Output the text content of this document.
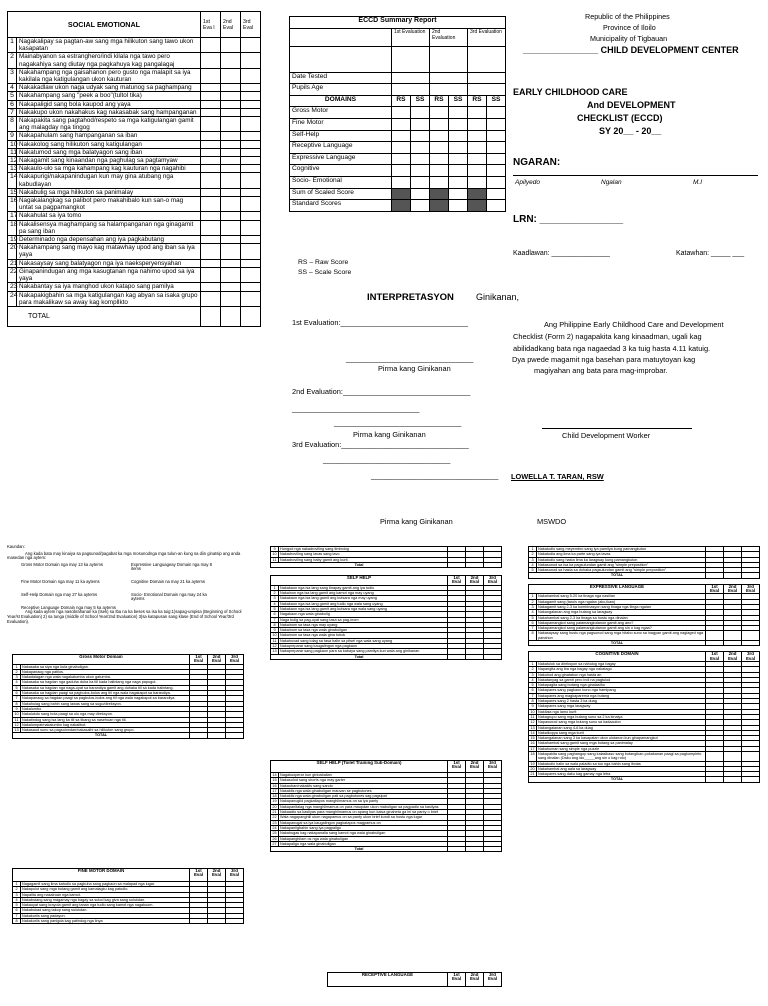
SOCIAL EMOTIONAL		1st Eva l	2nd Eval	3rd Eval
1	Nagakalipay sa pagtan-aw sang mga hilikuton sang tawo ukon kasapatan			
2	Mainabyanon sa estranghero/indi kilala nga tawo pero nagakahiya sang diutay nga pagkahuya kag pangalagaj			
3	Nakahampang nga gaisahanon pero gusto nga malapit sa iya kakilala nga katigulangan ukon kauturan			
4	Nakakadlaw ukon naga udyak sang matunog sa paghampang			
5	Nakahampang sang "peek a boo"(tultol tika)			
6	Nakapaligid sang bola kaupod ang yaya			
7	Nakakupo ukon nakahakus kag nakasabak sang hampanganan			
8	Nakapakita sang pagtahod/respeto sa mga katigulangan gamit ang malagday nga tingog			
9	Nakapahulam sang hampanganan sa iban			
10	Nakakolog sang hilikuton sang katigulangan			
11	Nakatumod sang mga balatyagon sang iban			
12	Nakagamit sang kinaandan nga paghulag sa pagtamyaw			
13	Nakaulo-ulo sa mga kahampang kag kauturan nga nagahibi			
14	Nakapurigi/nakapanindugan kun may gina atubang nga kabudlayan			
15	Nakabulig sa mga hilikuton sa panimalay			
16	Nagakalangkag sa palibot pero makahibalo kun san-o mag untat sa pagpamangkot			
17	Nakahulat sa iya tomo			
18	Nakalisensya maghampang sa halampanganan nga ginagamit pa sang iban			
19	Determinado nga depensahan ang iya pagkabutang			
20	Nakahampang sang mayo kag matawhay upod ang iban sa iya yaya			
21	Nakasaysay sang balatyagon nga iya naeksperyensyahan			
22	Ginapanindugan ang mga kasugtanan nga nahimo upod sa iya yaya			
23	Nakabantay sa iya manghod ukon katapo sang pamilya			
24	Nakapakigbahin sa mga katigulangan kag abyan sa isaka grupo para makalikaw sa away kag kompllkto			
TOTAL				
ECCD Summary Report						
	1st Evaluation		2nd Evaluation		3rd Evaluation	

Date Tested						
Pupils Age						
DOMAINS	RS	SS	RS	SS	RS	SS
Gross Motor						
Fine Motor						
Self-Help						
Receptive Language						
Expressive Language						
Cognitive						
Socio- Emotional						
Sum of Scaled Score						
Standard Scores						
RS – Raw Score
SS – Scale Score
Republic of the Philippines
Province of Iloilo
Municipality of Tigbauan
_______________ CHILD DEVELOPMENT CENTER
EARLY CHILDHOOD CARE
And DEVELOPMENT
CHECKLIST (ECCD)
SY 20__ - 20__
NGARAN:
Apilyedo	Ngalan	M.I
LRN: _______________
Kaadlawan: _______________	Katawhan: _____ ___
INTERPRETASYON Ginikanan,
1st Evaluation:_______________________________
_______________________________
Pirma kang Ginikanan
2nd Evaluation:_______________________________
_______________________________
_______________________________
Pirma kang Ginikanan
3rd Evaluation:_______________________________
_______________________________
_______________________________
Ang Philippine Early Childhood Care and Development
Checklist (Form 2) nagapakita kang kinaadman, ugali kag
abilidadkang bata nga nagaedad 3 ka tuig hasta 4.11 katuig.
Dya pwede magamit nga basehan para matuytoyan kag
magiyahan ang bata para mag-improbar.
Child Development Worker
LOWELLA T. TARAN, RSW
Pirma kang Ginikanan	MSWDO
Kaundan:
Ang kada bata may kinaiya sa pagsunod/pagabat ka mga mosunodnga mga tulun-an kung sa diin ginatsip ang anda masedan nga aytem:
Gross Motor Domain nga may 13 ka aytems	Expressive Languageay Domain nga may 8 items
Fine Motor Domain nga may 11 ka aytems	Cognitive Domain na may 21 ka aytems
Self-Help Domain nga may 27 ka aytems	Socio- Emotional Domain nga may 24 ka aytems
Receptive Language Domain nga may 5 ka aytems
Ang kada aytem nga nasobrahanan ka (tsek) sa Iba na ka beses sa isa ka tuig:1)sapag-umpisa (Beginning of School Year/st Evaluation) 2) sa tunga (middle of School Year/2nd Evaluation) 3)sa katapusan sang klase (End of School Year/3rd Evaluation).
Gross Motor Domain		1st Eval	2nd Eval	3rd Eval
1	Nakasaka sa siya nga kuta ginabuligan.			
2	Nakapanaog nga patilos.			
3	Nakadalagan nga wala nagakatumba ukon gatumba.			
4	Nakasaka sa hagdan nga gaduha duha ka tiil kada halintang nga naga papugut.			
5	Nakasaka sa hagdan nga naga-uyat sa barandiya gamit ang duhaka tiil sa kada halintang.			
6	Nakasaka sa hagdan paagi sa pagbulos-bulos ang tiil nga wala nagakapot sa barandiya.			
7	Nakapanaog sa hagdan paagi sa pagbulos-bulos ang tiil nga wala nagakapot sa barandiya.			
8	Nakahulag sang bahin sang lawas sang sa sugo/direksyon.			
9	Nakalumbo			
10	Nakalukdo sang bola paagi sa ulo nga may direksyon.			
11	Nakatindog sang isa lang ka tiil sa tikang sa nasehuan nga tiil.			
12	Nakalumpat/nakalumbo kag nakaiibot.			
13	Nakasaod suno sa pagsulondan/nakasaihi sa hilikuton sang grupo.			
TOTAL				
FINE MOTOR DOMAIN		1st Eval	2nd Eval	3rd Eval
1	Nagagamit sang lima katudlo sa pagkuha sang pagkaon sa malapad nga lugar.			
2	Nakapulot sang mga butang gamit ang kamalagku kag patudlo.			
3	Napalita ang nasalruan nga kamot.			
4	Nakabutang sang magamay nga bagay sa sulod kag giva sang sulukdan.			
5	Nakauyat sang krayola gamit ang tanan nga tudlo sang kamot nga nagakuom.			
6	Nakabukad sang takop sang sulukdan.			
7	Nakakurlis sang padayon.			
8	Nakakurlis sang panigda kag patindog nga linya			
9	Hungod nga nakadroviling sang timbolog			
10	Nakadroviling sang lavas sang lavo			
11	Nakadroviling sang baby gamit ang kurit.			
Total				

SELF HELP		1st Eval	2nd Eval	3rd Eval
1	Nakakaon nga isa lang sang tinapay gamit ang iya tudlo			
2	Nakainon nga isa lang gamit ang kamot nga may uyang			
3	Nakakaon nga isa lang gamit ang kutsara nga may uyang			
4	Nakakaon nga isa lang gamit ang tudlo nga wala sang uyang			
5	Nakakaon nga isa lang gamit ang kutsara nga wala sang uyang			
6	Nagakaon nga wala ginabulig			
7	Naga bulig sa pag-uyat sang tasa sa pag-inom			
8	Nakainom sa tasa nga may uyang			
9	Nakainom sa tasa nga wala ginabuligan			
10	Nakainom sa tasa nga wala gina tubok			
11	Nakahuvad sang tulag sa tasa halin sa pitsel nga wala sang uyang			
12	Nakapreparar sang kaugalingon nga pagkaon			
13	Nakapreparar sang pagkaon para sa kabaya sang pamilya kun wala ang ginikanan			
Total				
SELF HELP (Toilet Training Sub-Domain)		1st Eval	2nd Eval	3rd Eval
14	Nagakooperar kun ginbabailan			
15	Nakasulod sang shorts nga may garter			
16	Nakauban/nakakils sang sando			
17	Nakakils nga wala ginabuligan mauvan se pagbutones			
18	Nakakils nga wala ginabuligan pati sa pagbutones sag pagsipat			
19	Nakapanuglid pagkatlapos manghilmamus on sa iya panty			
20	Nakapanitalag nga manghilmamus on para maupdan ukon mabuligan sa pagpadlo sa kasilyas			
21	Nakaadto sa kasilyas para manghilmamus on apang kun kaisa ginaheta ga ini sa panty o brief			
22	Wala nagapanghili ukon nagapamus on sa panty ukon brief kundi sa hustu nga lugar			
23	Nakapanugal sa iya kaugalingon pagkatapos magpamus on			
24	Nakapanligbahin sang iya pagpaligo			
25	Nakahugas kag nakapanalia sang kamot nga wala ginabuligan			
26	Nakapanghilam os nga wala ginabuligan			
27	Nakapaligo nga wala ginabuligan			
Total				
RECEPTIVE LANGUAGE	1st Eval	2nd Eval	3rd Eval
1	Nakatudlo sang meyembro sang iya pamilya kung pamangkuton			
2	Nakatudla ang lima ka parte sang iya lavas			
3	Nakatudlo sang hasta lima ka laragway kung pamangkuton			
4	Nakasunod sa isa ka pagsulundan gamit ang "simple preposition"			
5	Nakasunod sa hasta sa duhaka pagsulundan gamit ang "simple preposition"			
TOTAL				

EXPRESSIVE LANGUAGE		1st Eval	2nd Eval	3rd Eval
1	Nakahambal sang 5-20 ka tinaga nga nasilian			
2	Nakagamit sang (taruis nga ngalan (ako,ikaw)			
3	Nakagamit sang 2-3 ka kombinasyon sang tinaga nga liinga ngalan			
4	Nakangalanan ang mga butang sa laragway			
5	Nakahambal sang 2-3 ka tinaga sa hustu nga dinalan			
6	Nakapamangkot sang paiamangkutanon gamit ang ano?			
7	Nakapamangkot sang paiamangkutanon gamit ang sin o kag ngaa?			
8	Nakasaysay sang hustu nga pagsunod sang mga hitabo suno sa inagyan gamit ang naglaged nga panahon			
TOTAL				

COGNITIVE DOMAIN		1st Eval	2nd Eval	3rd Eval
1	Nakatulok sa direksyon sa nahulog nga bagay			
2	Napangita ang iba nga bagay nga nakatago			
3	Nakuhod ang ginatabon nga hasta an			
4	Nakatanyag sa gamit pero indi na pagtulod			
5	Nakapagita sang butang nga ginalastho			
6	Nakapares sang pagkaon kuno nga hamipang			
7	Nakapares ang magkaparema nga butang			
8	Nakapares sang 2 hasta 3 ka duag			
9	Nakapares sang mga laragway			
10	Nakilala nga lamo kurit			
11	Nakagrupo sang mga butang suno sa 2 ka kinaiya			
12	Napasunod sang mga butang suno sa kadaaulon			
13	Nakangalanan sang 4-6 ka duag			
14	Nakalkopya sang mga kurit			
15	Nakangalanan sang 3 ka kasapatan ukon ulutanon kun ginapamangkot			
16	Nakahambal sang gamit sang mga butang sa panimalay			
17	Nakahuman sang simple nga puzzle			
18	Nakapakita sang paghangop sang kalasikaso sang butangikan-pokakanan paagi sa pagkompleto sang dinalan (Daku ang ido_____ang sin o kag rolo)			
19	Nakatudlo halin sa wala paiadto sa tuo nga bahin sang ibxias			
20	Nakahambal ang aala sa laragway			
21	Nakapares sang daku kag gamay nga letra			
TOTAL				
